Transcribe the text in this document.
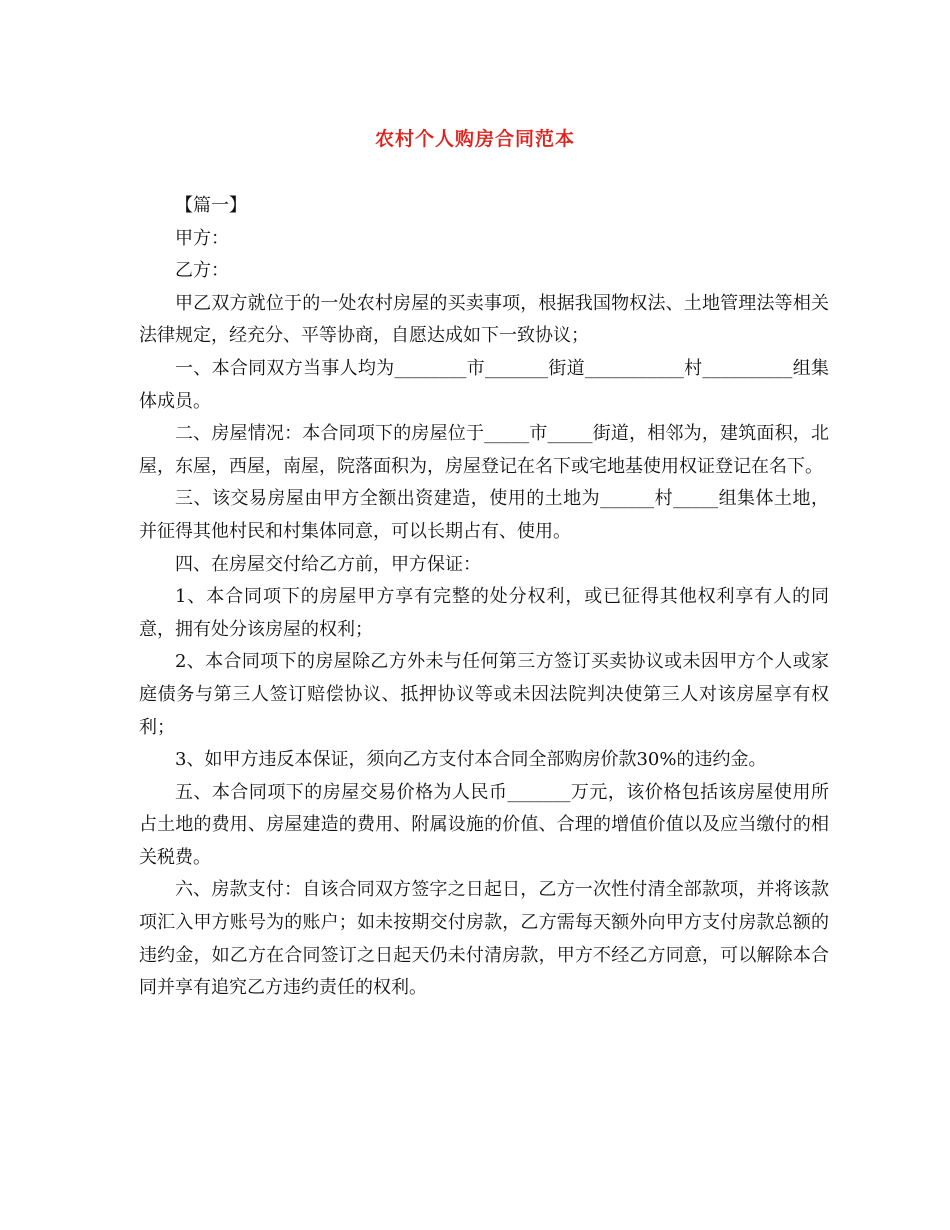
农村个人购房合同范本

【篇一】

甲方：

乙方：

甲乙双方就位于的一处农村房屋的买卖事项，根据我国物权法、土地管理法等相关法律规定，经充分、平等协商，自愿达成如下一致协议；

一、本合同双方当事人均为________市_______街道___________村__________组集体成员。

二、房屋情况：本合同项下的房屋位于_____市_____街道，相邻为，建筑面积，北屋，东屋，西屋，南屋，院落面积为，房屋登记在名下或宅地基使用权证登记在名下。

三、该交易房屋由甲方全额出资建造，使用的土地为______村_____组集体土地，并征得其他村民和村集体同意，可以长期占有、使用。

四、在房屋交付给乙方前，甲方保证：

1、本合同项下的房屋甲方享有完整的处分权利，或已征得其他权利享有人的同意，拥有处分该房屋的权利；

2、本合同项下的房屋除乙方外未与任何第三方签订买卖协议或未因甲方个人或家庭债务与第三人签订赔偿协议、抵押协议等或未因法院判决使第三人对该房屋享有权利；

3、如甲方违反本保证，须向乙方支付本合同全部购房价款30%的违约金。

五、本合同项下的房屋交易价格为人民币_______万元，该价格包括该房屋使用所占土地的费用、房屋建造的费用、附属设施的价值、合理的增值价值以及应当缴付的相关税费。

六、房款支付：自该合同双方签字之日起日，乙方一次性付清全部款项，并将该款项汇入甲方账号为的账户；如未按期交付房款，乙方需每天额外向甲方支付房款总额的违约金，如乙方在合同签订之日起天仍未付清房款，甲方不经乙方同意，可以解除本合同并享有追究乙方违约责任的权利。
